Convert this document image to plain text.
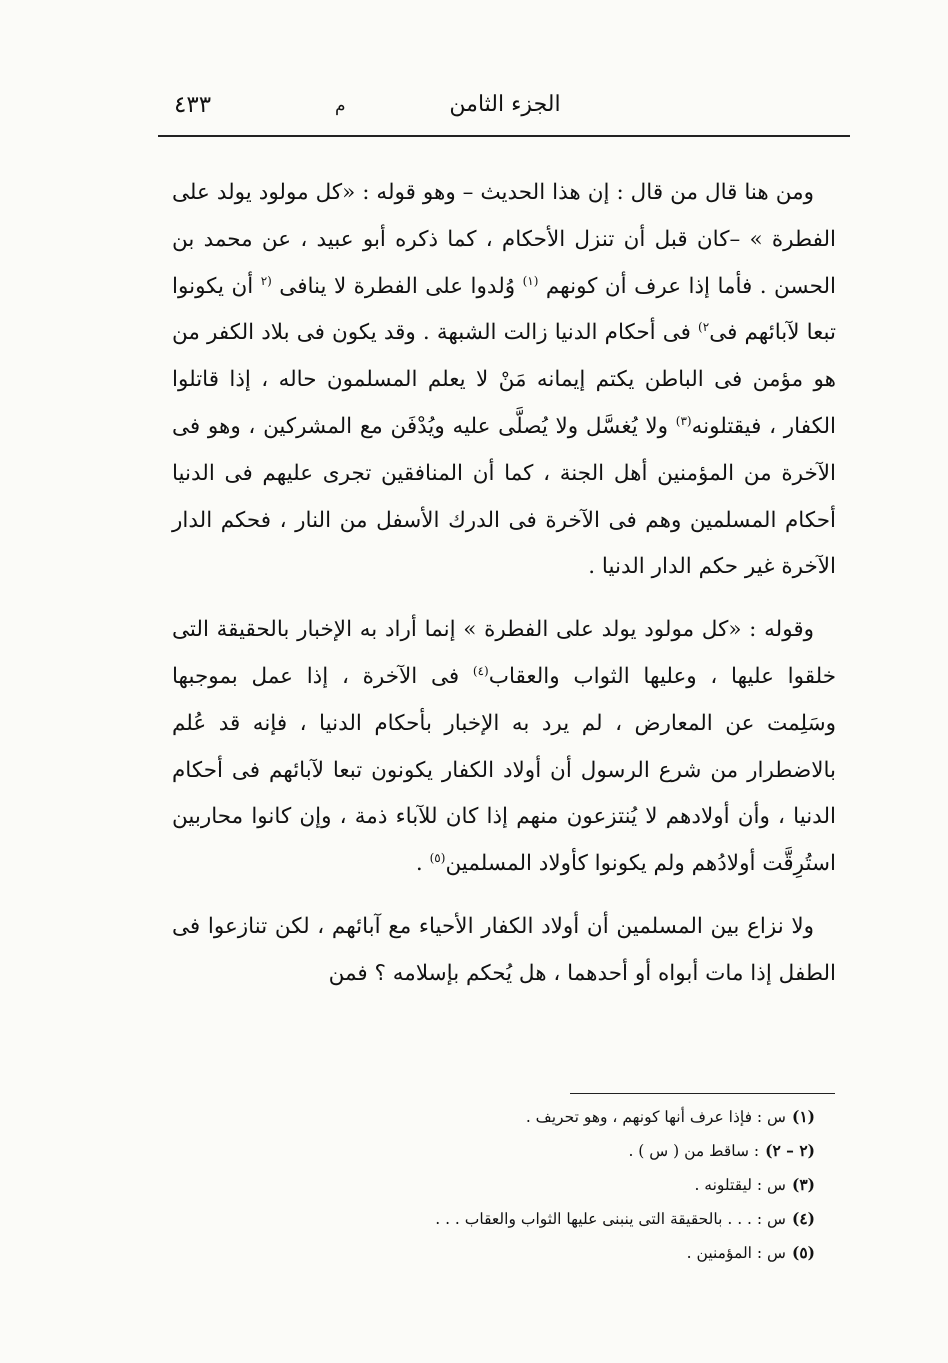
٤٣٣	م	الجزء الثامن

ومن هنا قال من قال : إن هذا الحديث – وهو قوله : «كل مولود يولد على الفطرة » –كان قبل أن تنزل الأحكام ، كما ذكره أبو عبيد ، عن محمد بن الحسن . فأما إذا عرف أن كونهم $^{(١)}$ وُلدوا على الفطرة لا ينافى $^{(٢}$ أن يكونوا تبعا لآبائهم فى$^{٢)}$ فى أحكام الدنيا زالت الشبهة . وقد يكون فى بلاد الكفر من هو مؤمن فى الباطن يكتم إيمانه مَنْ لا يعلم المسلمون حاله ، إذا قاتلوا الكفار ، فيقتلونه$^{(٣)}$ ولا يُغسَّل ولا يُصلَّى عليه ويُدْفَن مع المشركين ، وهو فى الآخرة من المؤمنين أهل الجنة ، كما أن المنافقين تجرى عليهم فى الدنيا أحكام المسلمين وهم فى الآخرة فى الدرك الأسفل من النار ، فحكم الدار الآخرة غير حكم الدار الدنيا .

وقوله : «كل مولود يولد على الفطرة » إنما أراد به الإخبار بالحقيقة التى خلقوا عليها ، وعليها الثواب والعقاب$^{(٤)}$ فى الآخرة ، إذا عمل بموجبها وسَلِمت عن المعارض ، لم يرد به الإخبار بأحكام الدنيا ، فإنه قد عُلم بالاضطرار من شرع الرسول أن أولاد الكفار يكونون تبعا لآبائهم فى أحكام الدنيا ، وأن أولادهم لا يُنتزعون منهم إذا كان للآباء ذمة ، وإن كانوا محاربين استُرِقَّت أولادُهم ولم يكونوا كأولاد المسلمين$^{(٥)}$ .

ولا نزاع بين المسلمين أن أولاد الكفار الأحياء مع آبائهم ، لكن تنازعوا فى الطفل إذا مات أبواه أو أحدهما ، هل يُحكم بإسلامه ؟ فمن

(١)س : فإذا عرف أنها كونهم ، وهو تحريف .
(٢ – ٢): ساقط من ( س ) .
(٣)س : ليقتلونه .
(٤)س : . . . بالحقيقة التى ينبنى عليها الثواب والعقاب . . .
(٥)س : المؤمنين .
